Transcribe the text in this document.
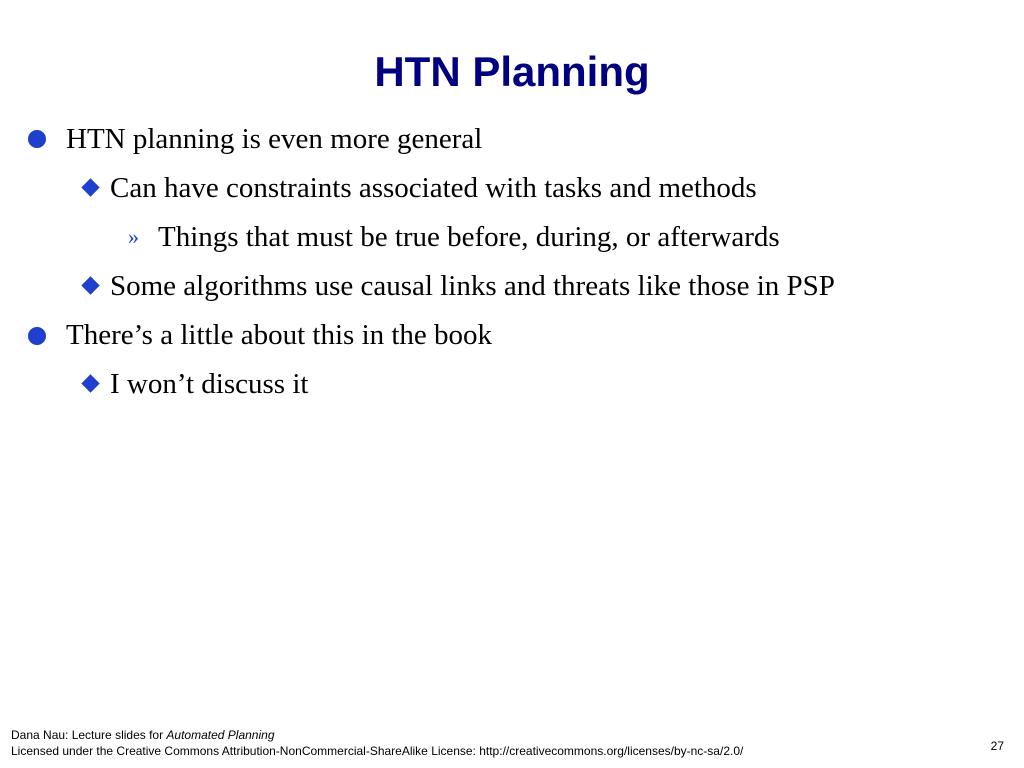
HTN Planning
HTN planning is even more general
Can have constraints associated with tasks and methods
» Things that must be true before, during, or afterwards
Some algorithms use causal links and threats like those in PSP
There’s a little about this in the book
I won’t discuss it
Dana Nau: Lecture slides for Automated Planning
Licensed under the Creative Commons Attribution-NonCommercial-ShareAlike License: http://creativecommons.org/licenses/by-nc-sa/2.0/	27
